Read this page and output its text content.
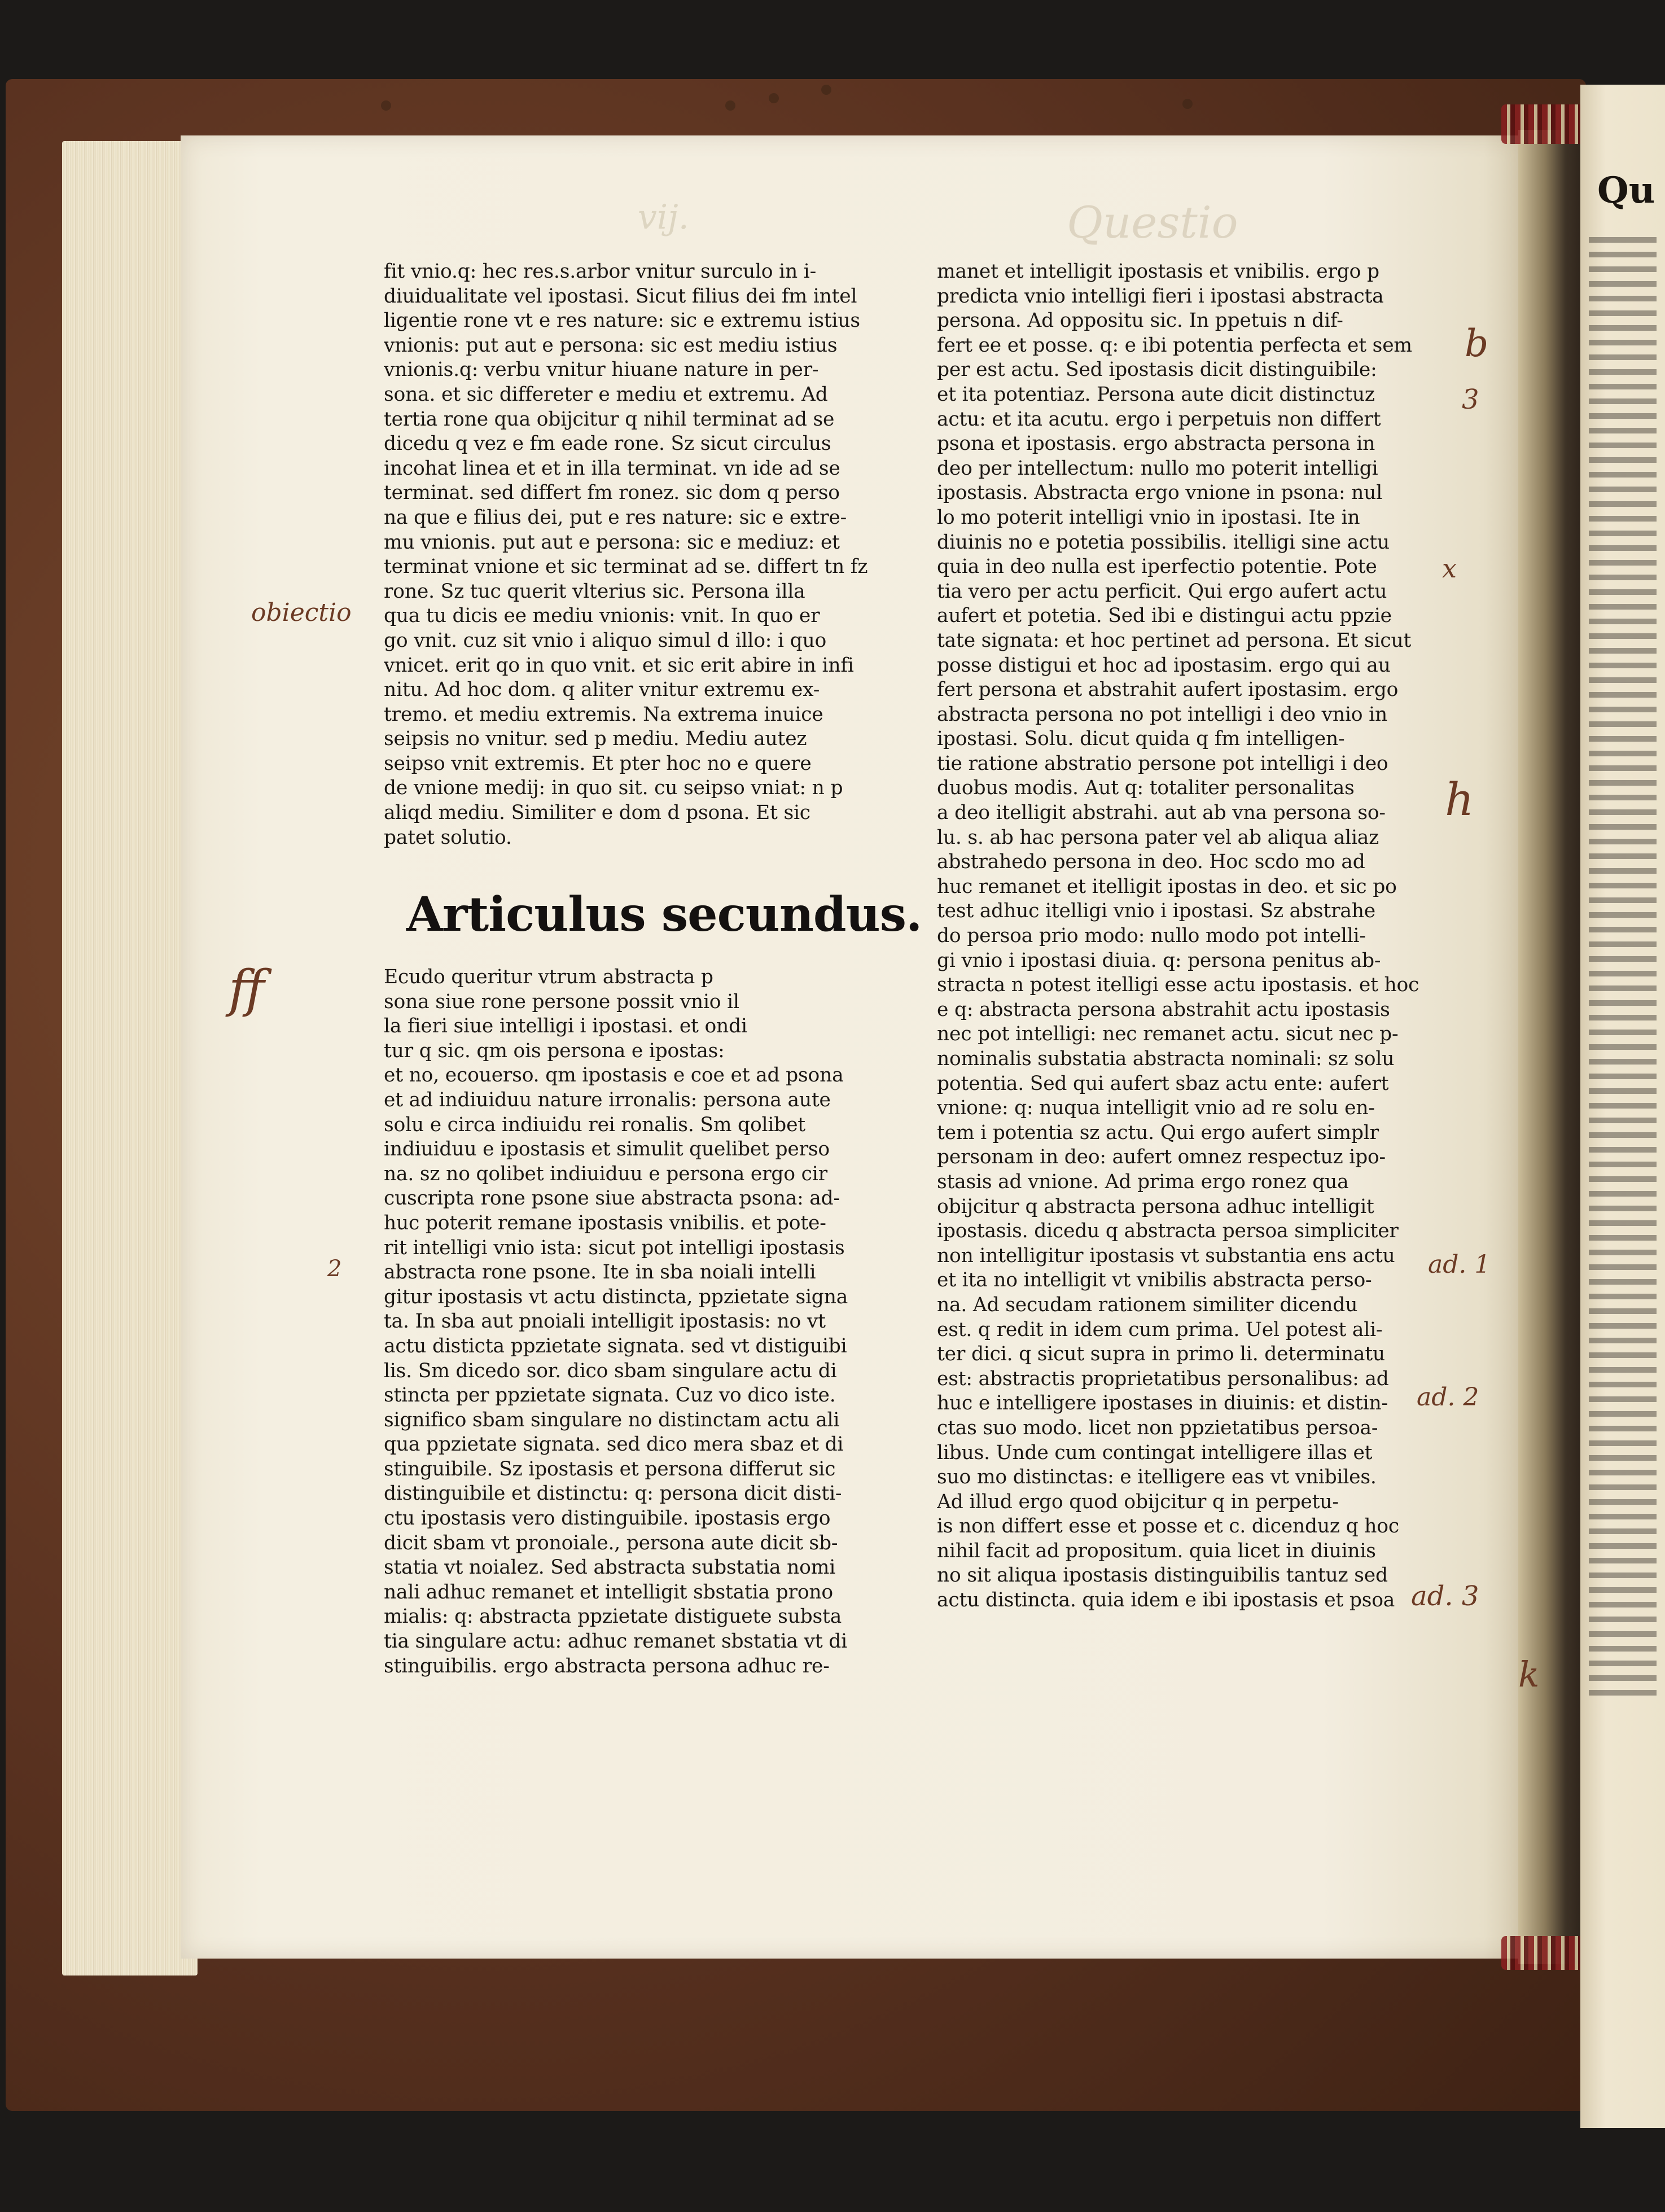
Qu
Questio
vij.
fit vnio.q: hec res.s.arbor vnitur surculo in i-
diuidualitate vel ipostasi. Sicut filius dei fm intel
ligentie rone vt e res nature: sic e extremu istius
vnionis: put aut e persona: sic est mediu istius
vnionis.q: verbu vnitur hiuane nature in per-
sona. et sic differeter e mediu et extremu. Ad
tertia rone qua obijcitur q nihil terminat ad se
dicedu q vez e fm eade rone. Sz sicut circulus
incohat linea et et in illa terminat. vn ide ad se
terminat. sed differt fm ronez. sic dom q perso
na que e filius dei, put e res nature: sic e extre-
mu vnionis. put aut e persona: sic e mediuz: et
terminat vnione et sic terminat ad se. differt tn fz
rone. Sz tuc querit vlterius sic. Persona illa
qua tu dicis ee mediu vnionis: vnit. In quo er
go vnit. cuz sit vnio i aliquo simul d illo: i quo
vnicet. erit qo in quo vnit. et sic erit abire in infi
nitu. Ad hoc dom. q aliter vnitur extremu ex-
tremo. et mediu extremis. Na extrema inuice
seipsis no vnitur. sed p mediu. Mediu autez
seipso vnit extremis. Et pter hoc no e quere
de vnione medij: in quo sit. cu seipso vniat: n p
aliqd mediu. Similiter e dom d psona. Et sic
patet solutio.
Articulus secundus.
Ecudo queritur vtrum abstracta p
sona siue rone persone possit vnio il
la fieri siue intelligi i ipostasi. et ondi
tur q sic. qm ois persona e ipostas:
et no, ecouerso. qm ipostasis e coe et ad psona
et ad indiuiduu nature irronalis: persona aute
solu e circa indiuidu rei ronalis. Sm qolibet
indiuiduu e ipostasis et simulit quelibet perso
na. sz no qolibet indiuiduu e persona ergo cir
cuscripta rone psone siue abstracta psona: ad-
huc poterit remane ipostasis vnibilis. et pote-
rit intelligi vnio ista: sicut pot intelligi ipostasis
abstracta rone psone. Ite in sba noiali intelli
gitur ipostasis vt actu distincta, ppzietate signa
ta. In sba aut pnoiali intelligit ipostasis: no vt
actu disticta ppzietate signata. sed vt distiguibi
lis. Sm dicedo sor. dico sbam singulare actu di
stincta per ppzietate signata. Cuz vo dico iste.
significo sbam singulare no distinctam actu ali
qua ppzietate signata. sed dico mera sbaz et di
stinguibile. Sz ipostasis et persona differut sic
distinguibile et distinctu: q: persona dicit disti-
ctu ipostasis vero distinguibile. ipostasis ergo
dicit sbam vt pronoiale., persona aute dicit sb-
statia vt noialez. Sed abstracta substatia nomi
nali adhuc remanet et intelligit sbstatia prono
mialis: q: abstracta ppzietate distiguete substa
tia singulare actu: adhuc remanet sbstatia vt di
stinguibilis. ergo abstracta persona adhuc re-
manet et intelligit ipostasis et vnibilis. ergo p
predicta vnio intelligi fieri i ipostasi abstracta
persona. Ad oppositu sic. In ppetuis n dif-
fert ee et posse. q: e ibi potentia perfecta et sem
per est actu. Sed ipostasis dicit distinguibile:
et ita potentiaz. Persona aute dicit distinctuz
actu: et ita acutu. ergo i perpetuis non differt
psona et ipostasis. ergo abstracta persona in
deo per intellectum: nullo mo poterit intelligi
ipostasis. Abstracta ergo vnione in psona: nul
lo mo poterit intelligi vnio in ipostasi. Ite in
diuinis no e potetia possibilis. itelligi sine actu
quia in deo nulla est iperfectio potentie. Pote
tia vero per actu perficit. Qui ergo aufert actu
aufert et potetia. Sed ibi e distingui actu ppzie
tate signata: et hoc pertinet ad persona. Et sicut
posse distigui et hoc ad ipostasim. ergo qui au
fert persona et abstrahit aufert ipostasim. ergo
abstracta persona no pot intelligi i deo vnio in
ipostasi. Solu. dicut quida q fm intelligen-
tie ratione abstratio persone pot intelligi i deo
duobus modis. Aut q: totaliter personalitas
a deo itelligit abstrahi. aut ab vna persona so-
lu. s. ab hac persona pater vel ab aliqua aliaz
abstrahedo persona in deo. Hoc scdo mo ad
huc remanet et itelligit ipostas in deo. et sic po
test adhuc itelligi vnio i ipostasi. Sz abstrahe
do persoa prio modo: nullo modo pot intelli-
gi vnio i ipostasi diuia. q: persona penitus ab-
stracta n potest itelligi esse actu ipostasis. et hoc
e q: abstracta persona abstrahit actu ipostasis
nec pot intelligi: nec remanet actu. sicut nec p-
nominalis substatia abstracta nominali: sz solu
potentia. Sed qui aufert sbaz actu ente: aufert
vnione: q: nuqua intelligit vnio ad re solu en-
tem i potentia sz actu. Qui ergo aufert simplr
personam in deo: aufert omnez respectuz ipo-
stasis ad vnione. Ad prima ergo ronez qua
obijcitur q abstracta persona adhuc intelligit
ipostasis. dicedu q abstracta persoa simpliciter
non intelligitur ipostasis vt substantia ens actu
et ita no intelligit vt vnibilis abstracta perso-
na. Ad secudam rationem similiter dicendu
est. q redit in idem cum prima. Uel potest ali-
ter dici. q sicut supra in primo li. determinatu
est: abstractis proprietatibus personalibus: ad
huc e intelligere ipostases in diuinis: et distin-
ctas suo modo. licet non ppzietatibus persoa-
libus. Unde cum contingat intelligere illas et
suo mo distinctas: e itelligere eas vt vnibiles.
Ad illud ergo quod obijcitur q in perpetu-
is non differt esse et posse et c. dicenduz q hoc
nihil facit ad propositum. quia licet in diuinis
no sit aliqua ipostasis distinguibilis tantuz sed
actu distincta. quia idem e ibi ipostasis et psoa
obiectio
ff
2
b
3
x
h
ad. 1
ad. 2
ad. 3
k
